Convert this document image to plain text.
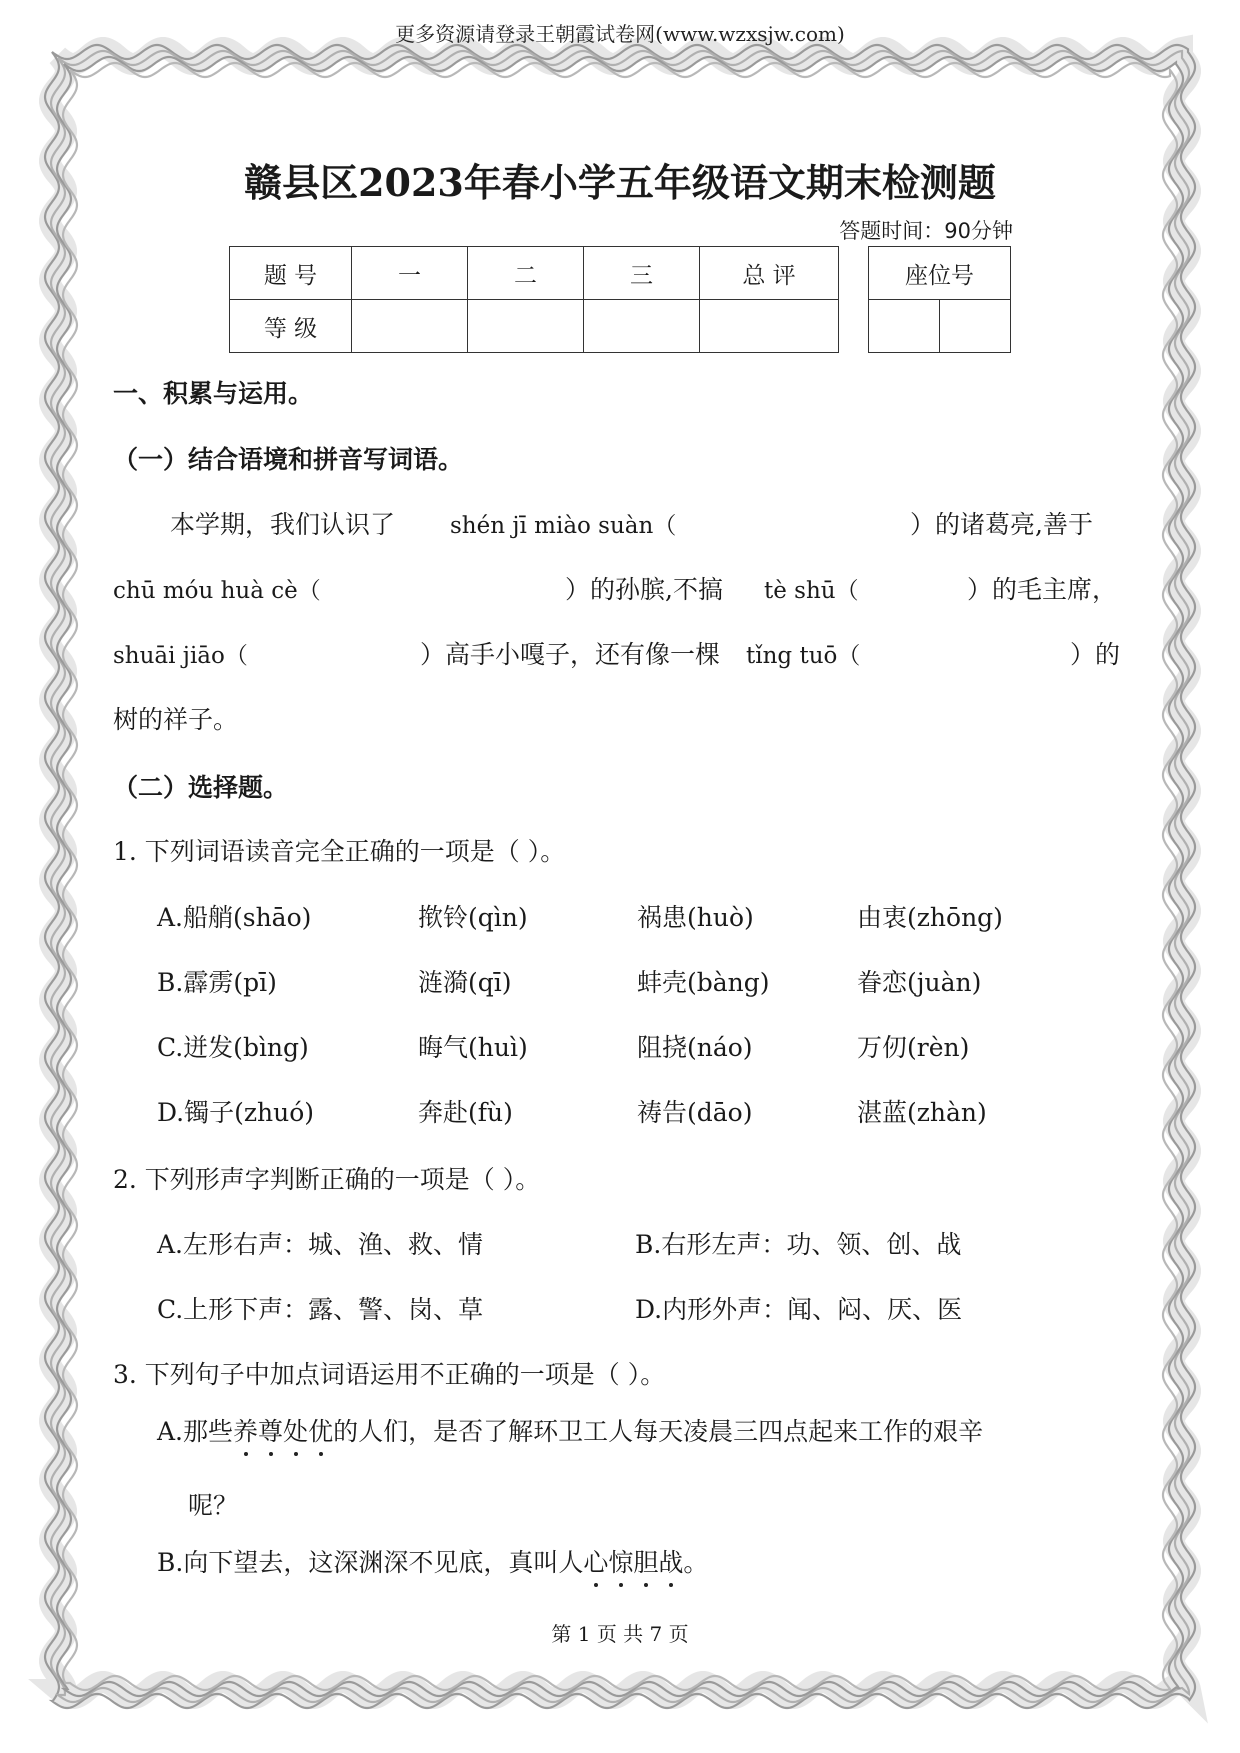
更多资源请登录王朝霞试卷网(www.wzxsjw.com)
赣县区2023年春小学五年级语文期末检测题
答题时间：90分钟
题 号	一	二	三	总 评
等 级				
座位号

一、积累与运用。
（一）结合语境和拼音写词语。
本学期，我们认识了 shén jī miào suàn（	）的诸葛亮,善于
chū móu huà cè（	）的孙膑,不搞 tè shū（	）的毛主席，
shuāi jiāo（	）高手小嘎子，还有像一棵 tǐng tuō（	）的
树的祥子。
（二）选择题。
1. 下列词语读音完全正确的一项是（ ）。
A.船艄(shāo)	揿铃(qìn)	祸患(huò)	由衷(zhōng)
B.霹雳(pī)	涟漪(qī)	蚌壳(bàng)	眷恋(juàn)
C.迸发(bìng)	晦气(huì)	阻挠(náo)	万仞(rèn)
D.镯子(zhuó)	奔赴(fù)	祷告(dāo)	湛蓝(zhàn)
2. 下列形声字判断正确的一项是（ ）。
A.左形右声：城、渔、救、情	B.右形左声：功、领、创、战
C.上形下声：露、警、岗、草	D.内形外声：闻、闷、厌、医
3. 下列句子中加点词语运用不正确的一项是（ ）。
A.那些养
尊
处
优
的人们，是否了解环卫工人每天凌晨三四点起来工作的艰辛
呢？
B.向下望去，这深渊深不见底，真叫人心
惊
胆
战
。
第 1 页 共 7 页
